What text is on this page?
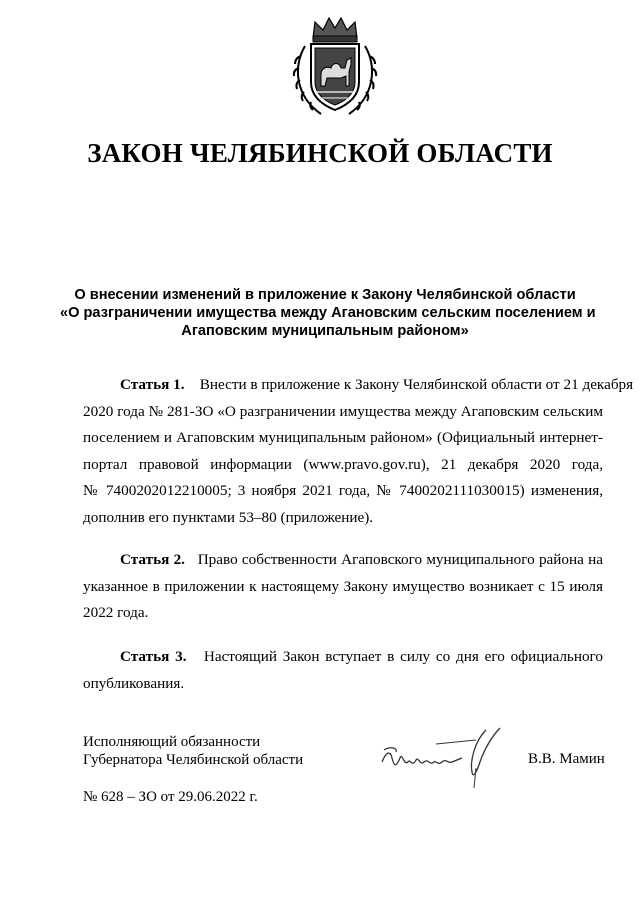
ЗАКОН ЧЕЛЯБИНСКОЙ ОБЛАСТИ
О внесении изменений в приложение к Закону Челябинской области
«О разграничении имущества между Агановским сельским поселением и
Агаповским муниципальным районом»
Статья 1. Внести в приложение к Закону Челябинской области от 21 декабря
2020 года № 281-ЗО «О разграничении имущества между Агаповским сельским
поселением и Агаповским муниципальным районом» (Официальный интернет-
портал правовой информации (www.pravo.gov.ru), 21 декабря 2020 года,
№ 7400202012210005; 3 ноября 2021 года, № 7400202111030015) изменения,
дополнив его пунктами 53–80 (приложение).
Статья 2. Право собственности Агаповского муниципального района на
указанное в приложении к настоящему Закону имущество возникает с 15 июля
2022 года.
Статья 3. Настоящий Закон вступает в силу со дня его официального
опубликования.
Исполняющий обязанности
Губернатора Челябинской области	В.В. Мамин
№ 628 – ЗО от 29.06.2022 г.
